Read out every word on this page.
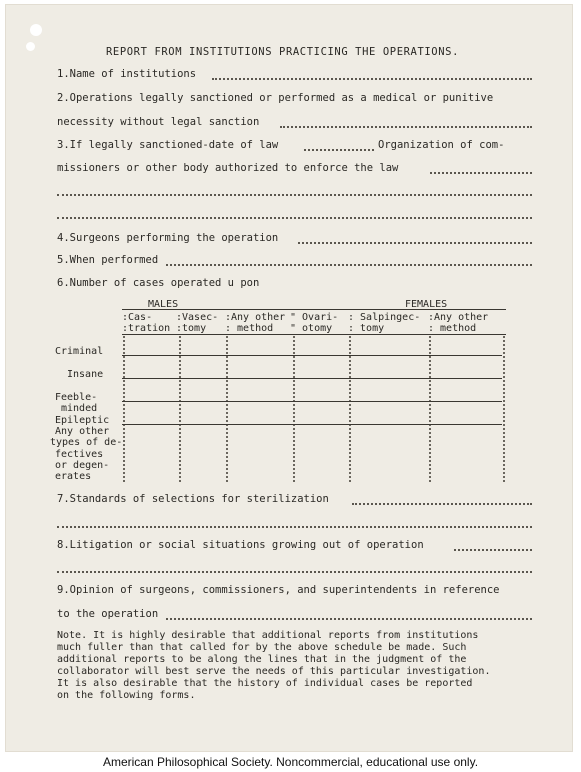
REPORT FROM INSTITUTIONS PRACTICING THE OPERATIONS.
1.Name of institutions
2.Operations legally sanctioned or performed as a medical or punitive
necessity without legal sanction
3.If legally sanctioned-date of law	Organization of com-
missioners or other body authorized to enforce the law
4.Surgeons performing the operation
5.When performed
6.Number of cases operated u pon
MALES	FEMALES
:Cas-
:tration
:Vasec-
:tomy
:Any other
: method
" Ovari-
" otomy
: Salpingec-
: tomy
:Any other
: method
Criminal
Insane
Feeble-
minded
Epileptic
Any other
types of de-
fectives
or degen-
erates
7.Standards of selections for sterilization
8.Litigation or social situations growing out of operation
9.Opinion of surgeons, commissioners, and superintendents in reference
to the operation
Note. It is highly desirable that additional reports from institutions
much fuller than that called for by the above schedule be made. Such
additional reports to be along the lines that in the judgment of the
collaborator will best serve the needs of this particular investigation.
It is also desirable that the history of individual cases be reported
on the following forms.
American Philosophical Society. Noncommercial, educational use only.
